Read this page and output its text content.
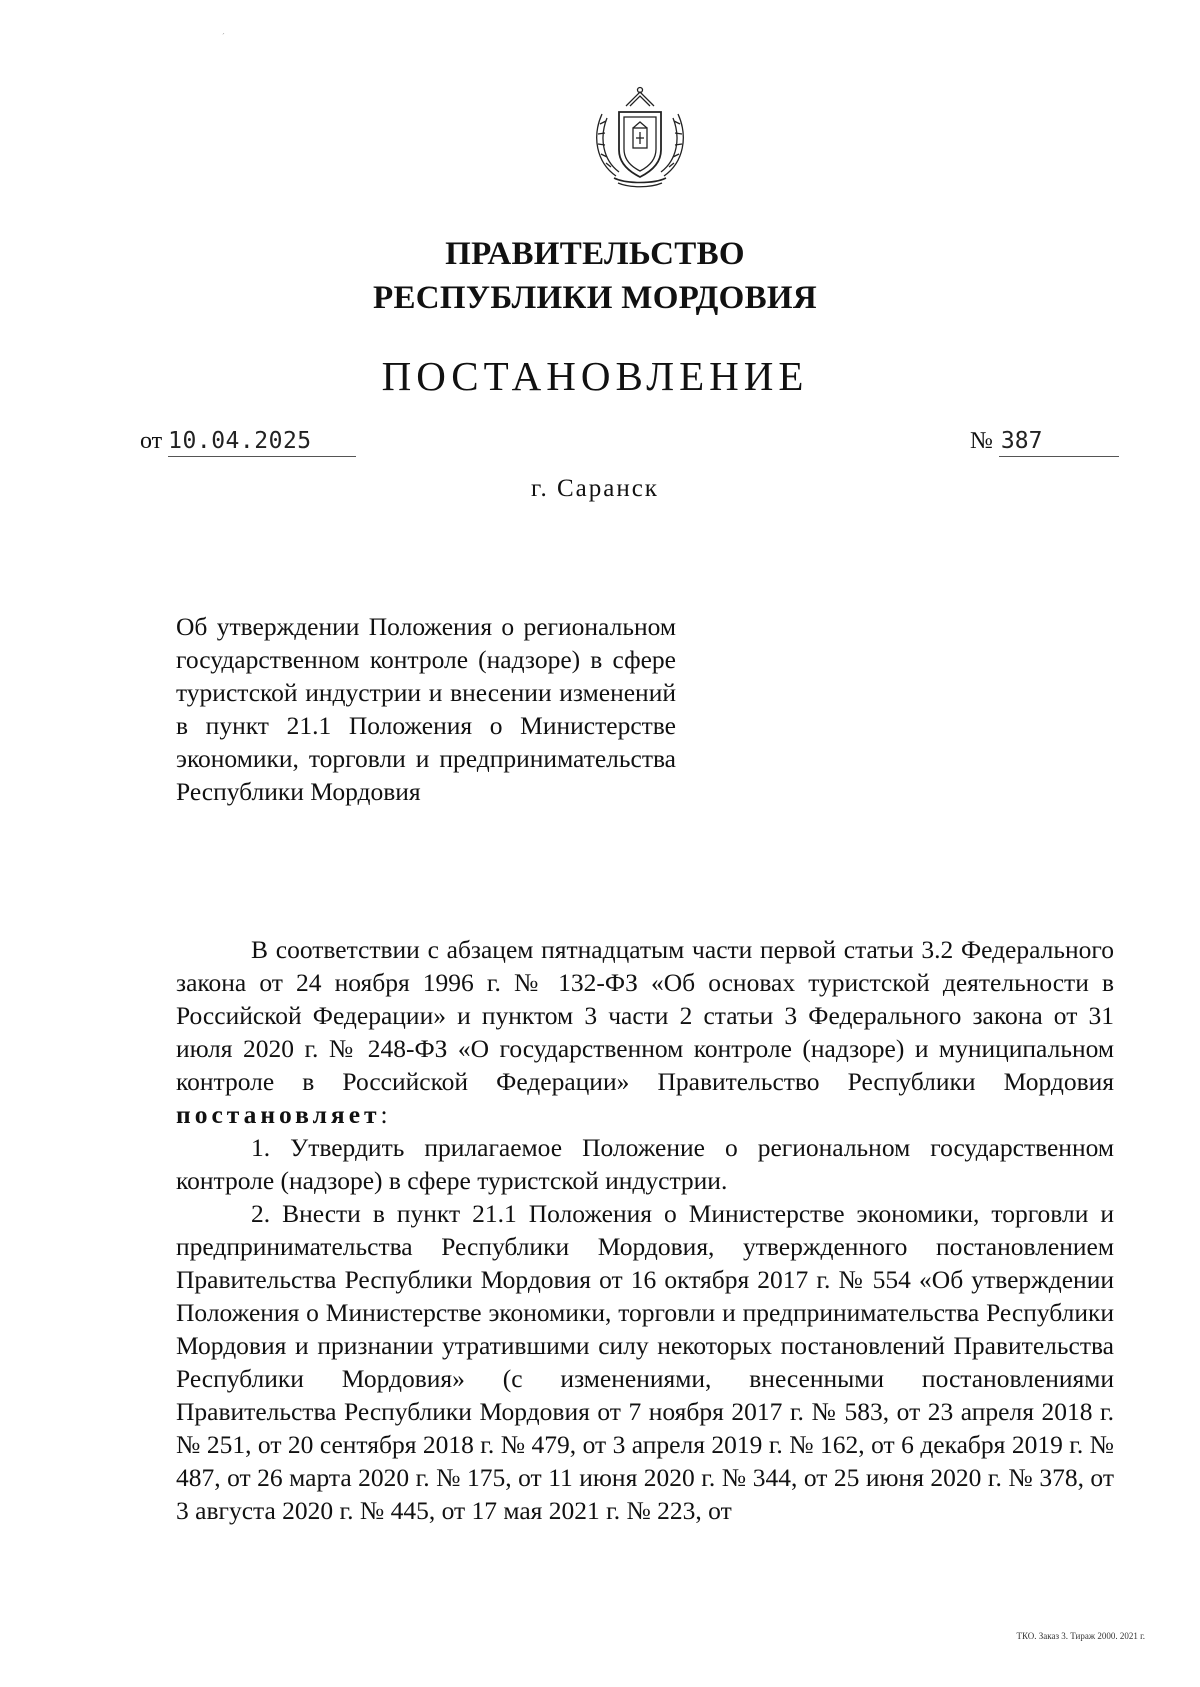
ˊ
ПРАВИТЕЛЬСТВО
РЕСПУБЛИКИ МОРДОВИЯ
ПОСТАНОВЛЕНИЕ
от 10.04.2025	№ 387
г. Саранск
Об утверждении Положения о региональном государственном контроле (надзоре) в сфере туристской индустрии и внесении изменений в пункт 21.1 Положения о Министерстве экономики, торговли и предпринимательства Республики Мордовия

В соответствии с абзацем пятнадцатым части первой статьи 3.2 Федерального закона от 24 ноября 1996 г. № 132-ФЗ «Об основах туристской деятельности в Российской Федерации» и пунктом 3 части 2 статьи 3 Федерального закона от 31 июля 2020 г. № 248-ФЗ «О государственном контроле (надзоре) и муниципальном контроле в Российской Федерации» Правительство Республики Мордовия постановляет:

1. Утвердить прилагаемое Положение о региональном государственном контроле (надзоре) в сфере туристской индустрии.

2. Внести в пункт 21.1 Положения о Министерстве экономики, торговли и предпринимательства Республики Мордовия, утвержденного постановлением Правительства Республики Мордовия от 16 октября 2017 г. № 554 «Об утверждении Положения о Министерстве экономики, торговли и предпринимательства Республики Мордовия и признании утратившими силу некоторых постановлений Правительства Республики Мордовия» (с изменениями, внесенными постановлениями Правительства Республики Мордовия от 7 ноября 2017 г. № 583, от 23 апреля 2018 г. № 251, от 20 сентября 2018 г. № 479, от 3 апреля 2019 г. № 162, от 6 декабря 2019 г. № 487, от 26 марта 2020 г. № 175, от 11 июня 2020 г. № 344, от 25 июня 2020 г. № 378, от 3 августа 2020 г. № 445, от 17 мая 2021 г. № 223, от

ТКО. Заказ 3. Тираж 2000. 2021 г.
